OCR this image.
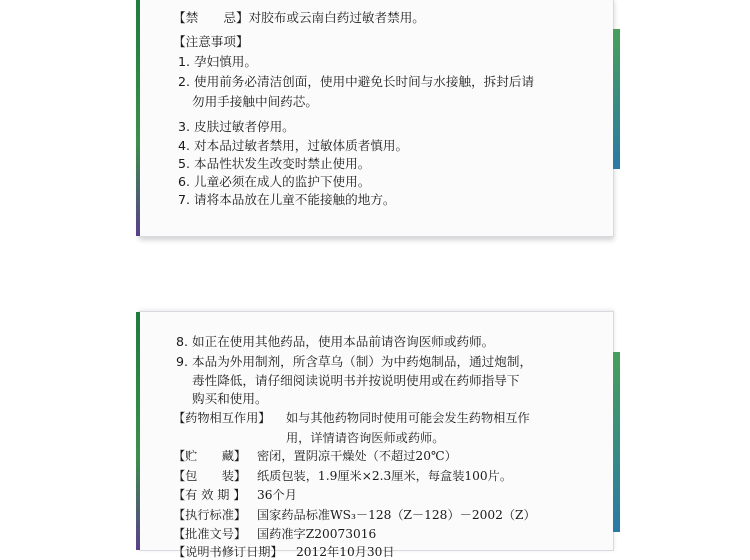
【禁　　忌】对胶布或云南白药过敏者禁用。
【注意事项】
1. 孕妇慎用。
2. 使用前务必清洁创面，使用中避免长时间与水接触，拆封后请
勿用手接触中间药芯。
3. 皮肤过敏者停用。
4. 对本品过敏者禁用，过敏体质者慎用。
5. 本品性状发生改变时禁止使用。
6. 儿童必须在成人的监护下使用。
7. 请将本品放在儿童不能接触的地方。
8. 如正在使用其他药品，使用本品前请咨询医师或药师。
9. 本品为外用制剂，所含草乌（制）为中药炮制品，通过炮制，
毒性降低，请仔细阅读说明书并按说明使用或在药师指导下
购买和使用。
【药物相互作用】 如与其他药物同时使用可能会发生药物相互作
用，详情请咨询医师或药师。
【贮　　藏】 密闭，置阴凉干燥处（不超过20℃）
【包　　装】 纸质包装，1.9厘米×2.3厘米，每盒装100片。
【有 效 期 】 36个月
【执行标准】 国家药品标准WS₃－128（Z－128）－2002（Z）
【批准文号】 国药准字Z20073016
【说明书修订日期】 2012年10月30日
